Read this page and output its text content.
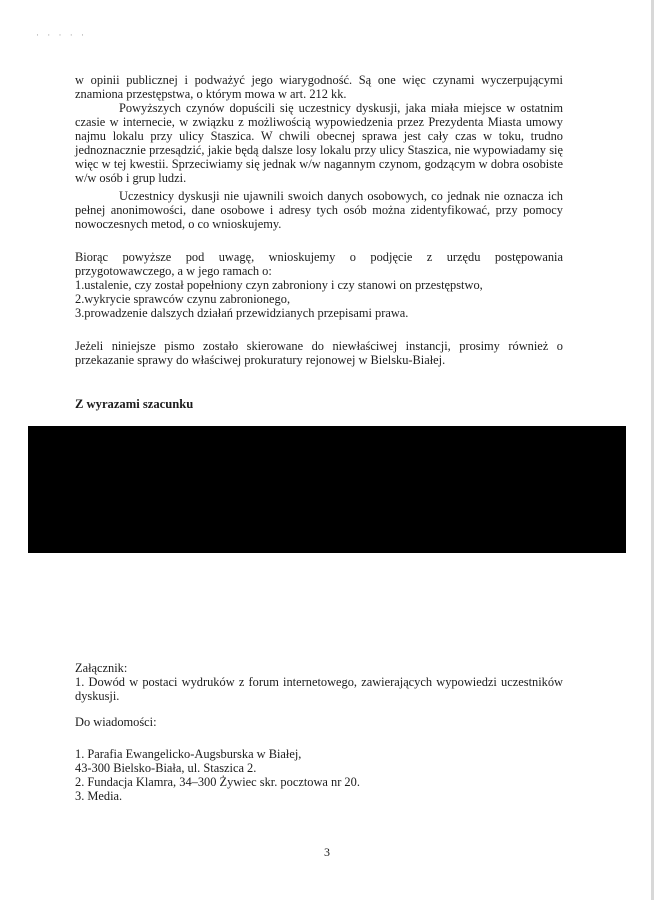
· · · · ·

w opinii publicznej i podważyć jego wiarygodność. Są one więc czynami wyczerpującymi znamiona przestępstwa, o którym mowa w art. 212 kk.

Powyższych czynów dopuścili się uczestnicy dyskusji, jaka miała miejsce w ostatnim czasie w internecie, w związku z możliwością wypowiedzenia przez Prezydenta Miasta umowy najmu lokalu przy ulicy Staszica. W chwili obecnej sprawa jest cały czas w toku, trudno jednoznacznie przesądzić, jakie będą dalsze losy lokalu przy ulicy Staszica, nie wypowiadamy się więc w tej kwestii. Sprzeciwiamy się jednak w/w nagannym czynom, godzącym w dobra osobiste w/w osób i grup ludzi.

Uczestnicy dyskusji nie ujawnili swoich danych osobowych, co jednak nie oznacza ich pełnej anonimowości, dane osobowe i adresy tych osób można zidentyfikować, przy pomocy nowoczesnych metod, o co wnioskujemy.

Biorąc powyższe pod uwagę, wnioskujemy o podjęcie z urzędu postępowania przygotowawczego, a w jego ramach o:

1.ustalenie, czy został popełniony czyn zabroniony i czy stanowi on przestępstwo,

2.wykrycie sprawców czynu zabronionego,

3.prowadzenie dalszych działań przewidzianych przepisami prawa.

Jeżeli niniejsze pismo zostało skierowane do niewłaściwej instancji, prosimy również o przekazanie sprawy do właściwej prokuratury rejonowej w Bielsku-Białej.

Z wyrazami szacunku

Załącznik:

1. Dowód w postaci wydruków z forum internetowego, zawierających wypowiedzi uczestników dyskusji.

Do wiadomości:

1. Parafia Ewangelicko-Augsburska w Białej,

43-300 Bielsko-Biała, ul. Staszica 2.

2. Fundacja Klamra, 34–300 Żywiec skr. pocztowa nr 20.

3. Media.

3
